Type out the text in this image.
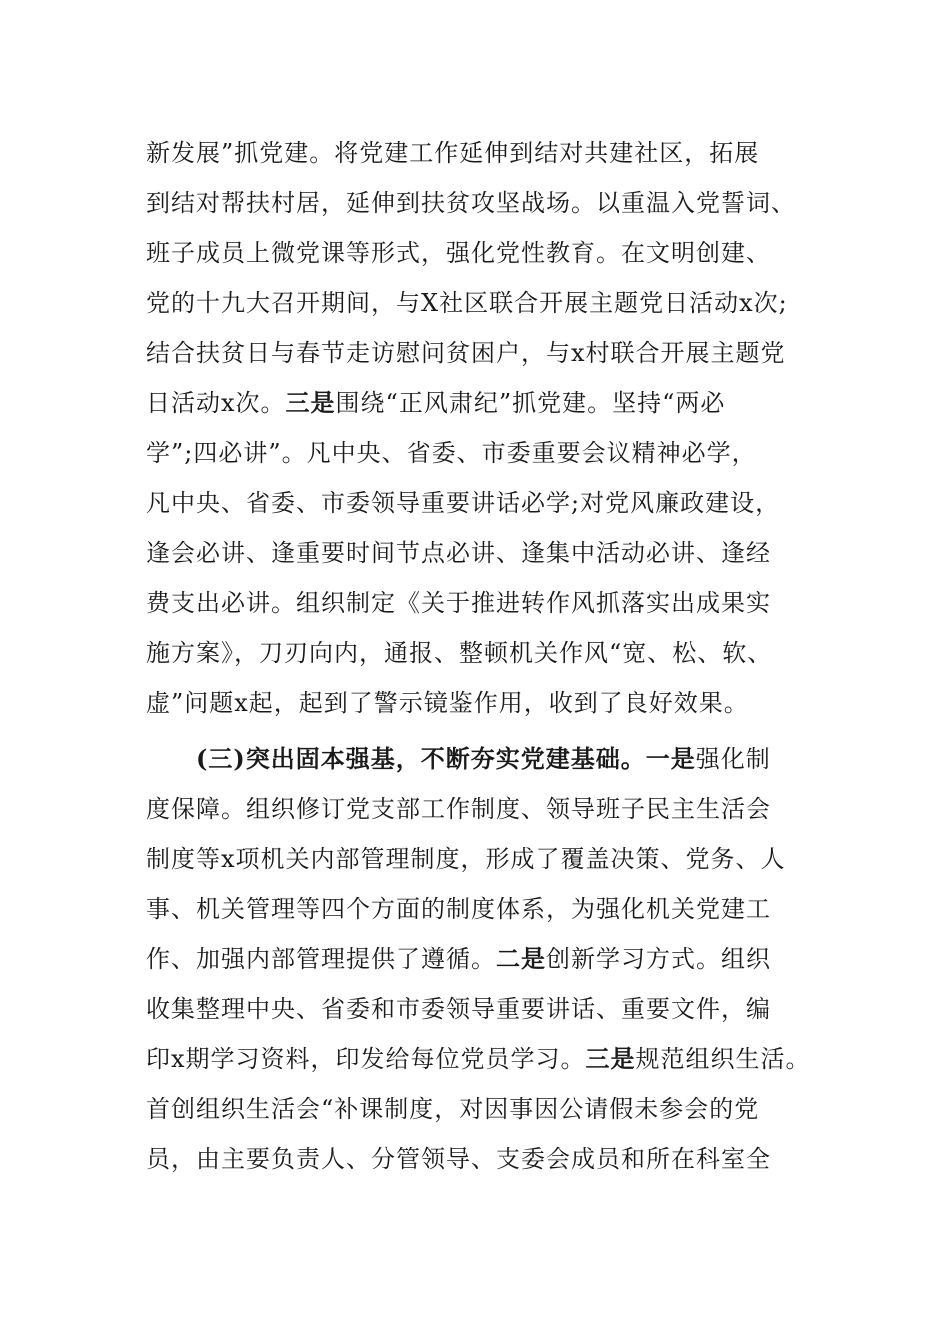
新发展”抓党建。将党建工作延伸到结对共建社区，拓展
到结对帮扶村居，延伸到扶贫攻坚战场。以重温入党誓词、
班子成员上微党课等形式，强化党性教育。在文明创建、
党的十九大召开期间，与X社区联合开展主题党日活动x次;
结合扶贫日与春节走访慰问贫困户，与x村联合开展主题党
日活动x次。三是围绕“正风肃纪”抓党建。坚持“两必
学”;四必讲”。凡中央、省委、市委重要会议精神必学，
凡中央、省委、市委领导重要讲话必学;对党风廉政建设，
逢会必讲、逢重要时间节点必讲、逢集中活动必讲、逢经
费支出必讲。组织制定《关于推进转作风抓落实出成果实
施方案》，刀刃向内，通报、整顿机关作风“宽、松、软、
虚”问题x起，起到了警示镜鉴作用，收到了良好效果。
(三)突出固本强基，不断夯实党建基础。一是强化制
度保障。组织修订党支部工作制度、领导班子民主生活会
制度等x项机关内部管理制度，形成了覆盖决策、党务、人
事、机关管理等四个方面的制度体系，为强化机关党建工
作、加强内部管理提供了遵循。二是创新学习方式。组织
收集整理中央、省委和市委领导重要讲话、重要文件，编
印x期学习资料，印发给每位党员学习。三是规范组织生活。
首创组织生活会“补课制度，对因事因公请假未参会的党
员，由主要负责人、分管领导、支委会成员和所在科室全
